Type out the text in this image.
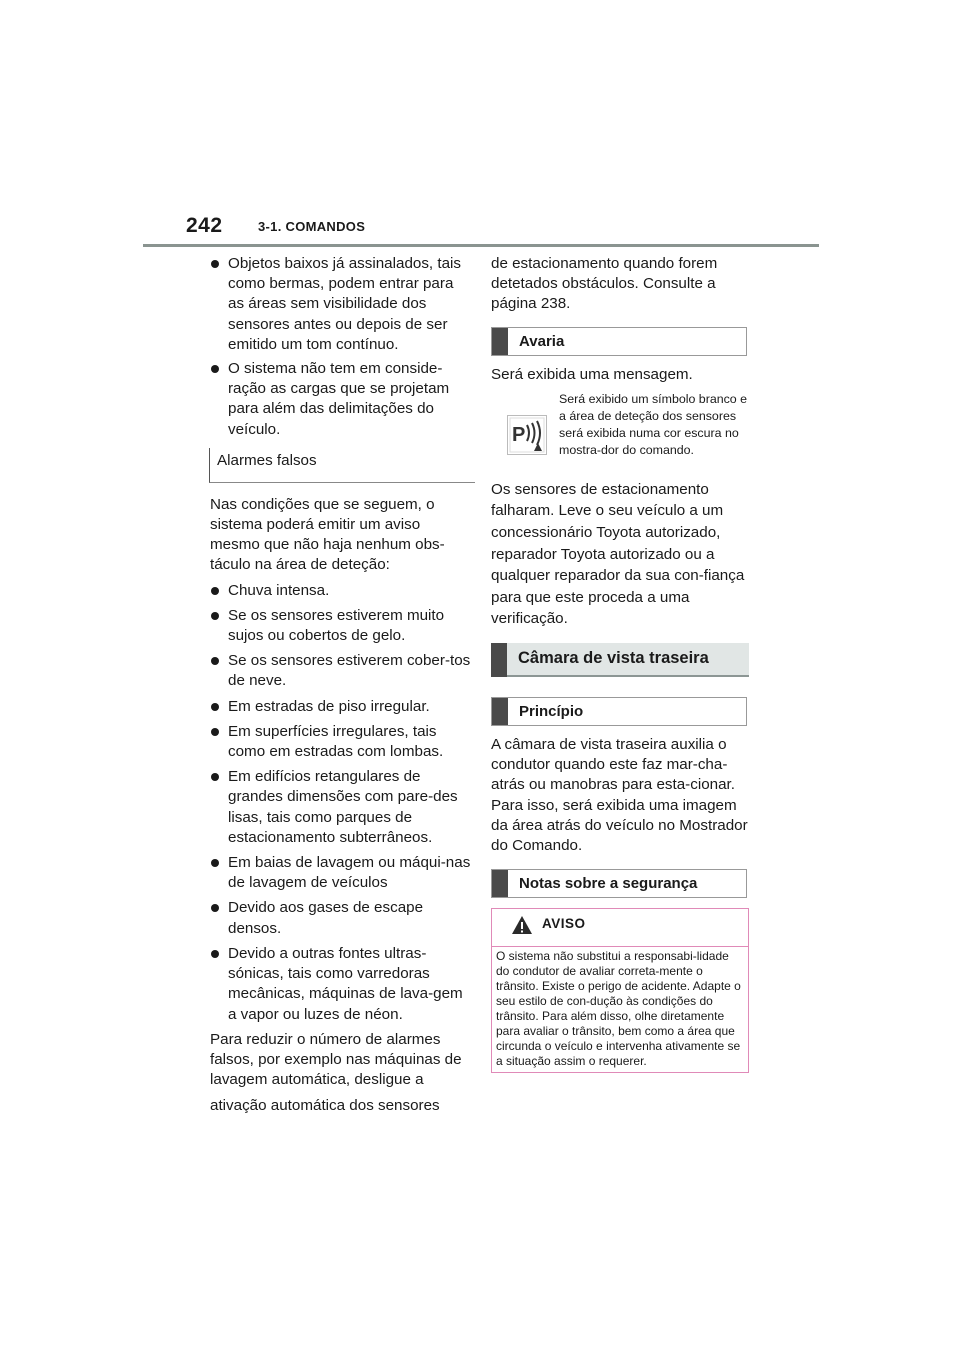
242	3-1. COMANDOS
Objetos baixos já assinalados, tais como bermas, podem entrar para as áreas sem visibilidade dos sensores antes ou depois de ser emitido um tom contínuo.
O sistema não tem em conside-ração as cargas que se projetam para além das delimitações do veículo.
Alarmes falsos

Nas condições que se seguem, o sistema poderá emitir um aviso mesmo que não haja nenhum obs-táculo na área de deteção:

Chuva intensa.
Se os sensores estiverem muito sujos ou cobertos de gelo.
Se os sensores estiverem cober-tos de neve.
Em estradas de piso irregular.
Em superfícies irregulares, tais como em estradas com lombas.
Em edifícios retangulares de grandes dimensões com pare-des lisas, tais como parques de estacionamento subterrâneos.
Em baias de lavagem ou máqui-nas de lavagem de veículos
Devido aos gases de escape densos.
Devido a outras fontes ultras-sónicas, tais como varredoras mecânicas, máquinas de lava-gem a vapor ou luzes de néon.

Para reduzir o número de alarmes falsos, por exemplo nas máquinas de lavagem automática, desligue a

ativação automática dos sensores

de estacionamento quando forem detetados obstáculos. Consulte a página 238.

Avaria

Será exibida uma mensagem.

P
Será exibido um símbolo branco e a área de deteção dos sensores será exibida numa cor escura no mostra-dor do comando.

Os sensores de estacionamento falharam. Leve o seu veículo a um concessionário Toyota autorizado, reparador Toyota autorizado ou a qualquer reparador da sua con-fiança para que este proceda a uma verificação.

Câmara de vista traseira
Princípio

A câmara de vista traseira auxilia o condutor quando este faz mar-cha-atrás ou manobras para esta-cionar. Para isso, será exibida uma imagem da área atrás do veículo no Mostrador do Comando.

Notas sobre a segurança
AVISO
O sistema não substitui a responsabi-lidade do condutor de avaliar correta-mente o trânsito. Existe o perigo de acidente. Adapte o seu estilo de con-dução às condições do trânsito. Para além disso, olhe diretamente para avaliar o trânsito, bem como a área que circunda o veículo e intervenha ativamente se a situação assim o requerer.
